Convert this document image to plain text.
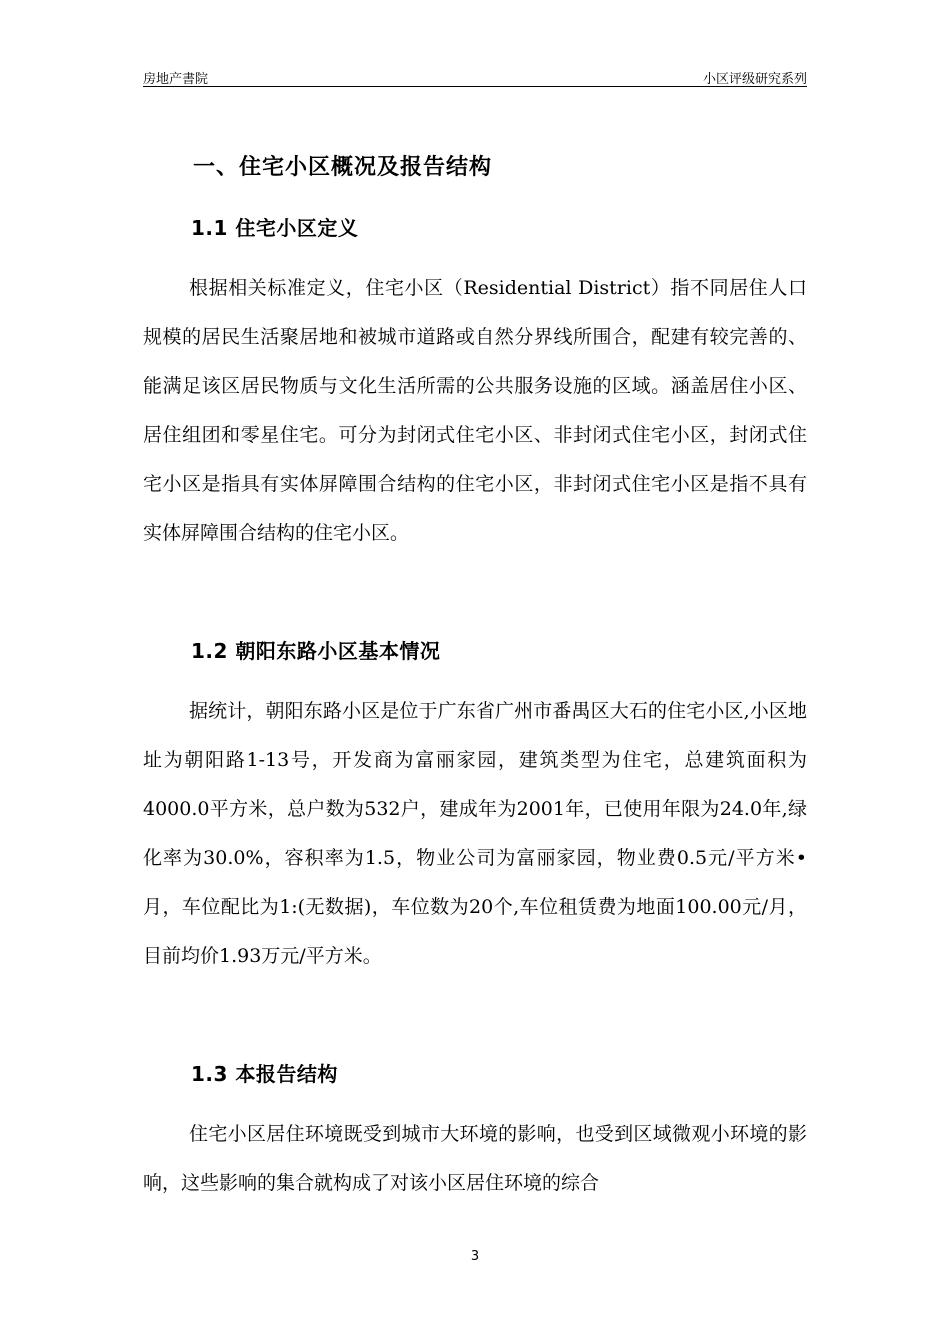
房地产書院	小区评级研究系列
一、住宅小区概况及报告结构
1.1 住宅小区定义

根据相关标准定义，住宅小区（Residential District）指不同居住人口规模的居民生活聚居地和被城市道路或自然分界线所围合，配建有较完善的、能满足该区居民物质与文化生活所需的公共服务设施的区域。涵盖居住小区、居住组团和零星住宅。可分为封闭式住宅小区、非封闭式住宅小区，封闭式住宅小区是指具有实体屏障围合结构的住宅小区，非封闭式住宅小区是指不具有实体屏障围合结构的住宅小区。

1.2 朝阳东路小区基本情况

据统计，朝阳东路小区是位于广东省广州市番禺区大石的住宅小区,小区地址为朝阳路1-13号，开发商为富丽家园，建筑类型为住宅，总建筑面积为4000.0平方米，总户数为532户，建成年为2001年，已使用年限为24.0年,绿化率为30.0%，容积率为1.5，物业公司为富丽家园，物业费0.5元/平方米•月，车位配比为1:(无数据)，车位数为20个,车位租赁费为地面100.00元/月，目前均价1.93万元/平方米。

1.3 本报告结构

住宅小区居住环境既受到城市大环境的影响，也受到区域微观小环境的影响，这些影响的集合就构成了对该小区居住环境的综合

3
